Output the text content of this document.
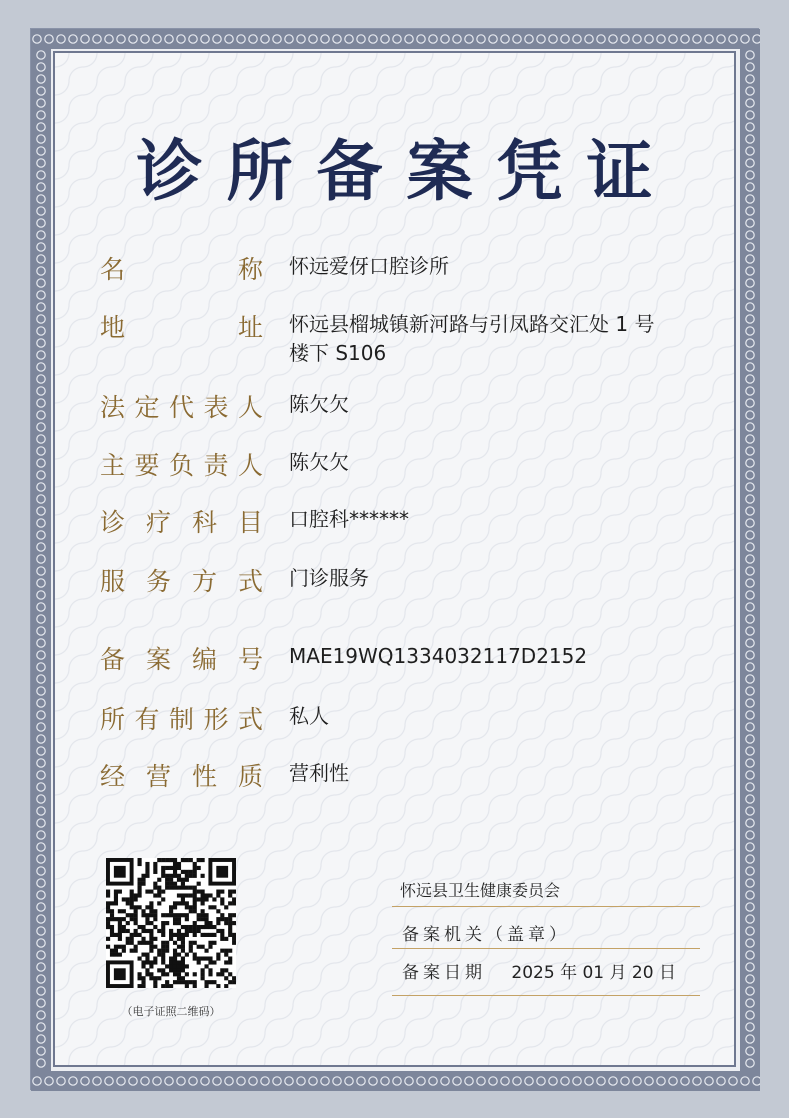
诊所备案凭证
名	称 怀远爱伢口腔诊所
地	址 怀远县榴城镇新河路与引凤路交汇处 1 号
楼下 S106
法 定 代 表 人 陈欠欠
主 要 负 责 人 陈欠欠
诊 疗 科 目 口腔科******
服 务 方 式 门诊服务
备 案 编 号 MAE19WQ1334032117D2152
所 有 制 形 式 私人
经 营 性 质 营利性
（电子证照二维码）
怀远县卫生健康委员会
备案机关（盖章）
备案日期 2025 年 01 月 20 日
